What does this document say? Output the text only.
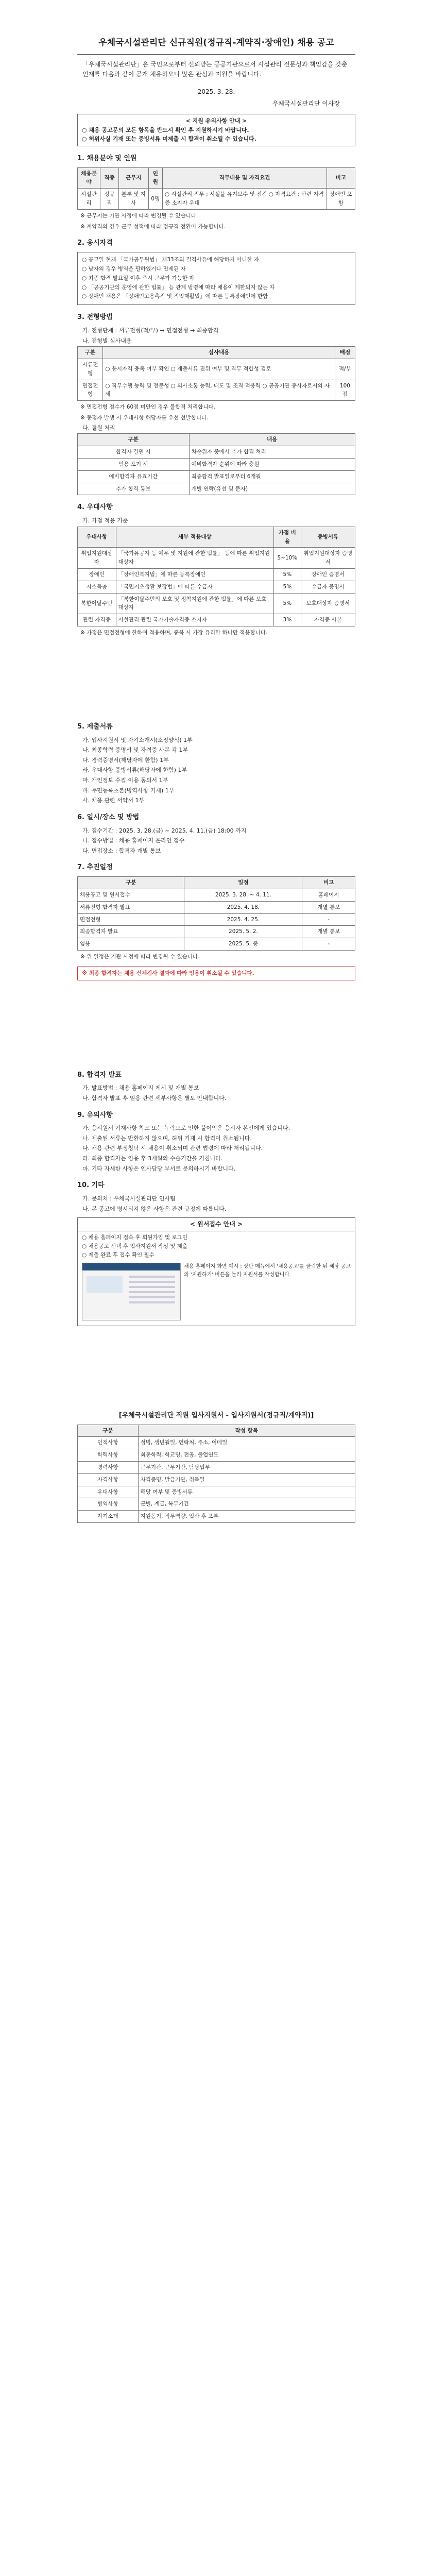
우체국시설관리단 신규직원(정규직-계약직·장애인) 채용 공고
「우체국시설관리단」은 국민으로부터 신뢰받는 공공기관으로서 시설관리 전문성과 책임감을 갖춘 인재를 다음과 같이 공개 채용하오니 많은 관심과 지원을 바랍니다.
2025. 3. 28.
우체국시설관리단 이사장
< 지원 유의사항 안내 >
○ 채용 공고문의 모든 항목을 반드시 확인 후 지원하시기 바랍니다.
○ 허위사실 기재 또는 증빙서류 미제출 시 합격이 취소될 수 있습니다.
1. 채용분야 및 인원
채용분야	직종	근무지	인원	직무내용 및 자격요건	비고
시설관리	정규직	본부 및 지사	0명	○ 시설관리 직무 : 시설물 유지보수 및 점검 ○ 자격요건 : 관련 자격증 소지자 우대	장애인 포함
※ 근무지는 기관 사정에 따라 변경될 수 있습니다.
※ 계약직의 경우 근무 성적에 따라 정규직 전환이 가능합니다.
2. 응시자격
○ 공고일 현재 「국가공무원법」 제33조의 결격사유에 해당하지 아니한 자
○ 남자의 경우 병역을 필하였거나 면제된 자
○ 최종 합격 발표일 이후 즉시 근무가 가능한 자
○ 「공공기관의 운영에 관한 법률」 등 관계 법령에 따라 채용이 제한되지 않는 자
○ 장애인 채용은 「장애인고용촉진 및 직업재활법」에 따른 등록장애인에 한함
3. 전형방법
가. 전형단계 : 서류전형(적/부) → 면접전형 → 최종합격
나. 전형별 심사내용
구분	심사내용	배점
서류전형	○ 응시자격 충족 여부 확인 ○ 제출서류 진위 여부 및 직무 적합성 검토	적/부
면접전형	○ 직무수행 능력 및 전문성 ○ 의사소통 능력, 태도 및 조직 적응력 ○ 공공기관 종사자로서의 자세	100점
※ 면접전형 점수가 60점 미만인 경우 불합격 처리합니다.
※ 동점자 발생 시 우대사항 해당자를 우선 선발합니다.
다. 결원 처리
구분	내용
합격자 결원 시	차순위자 중에서 추가 합격 처리
임용 포기 시	예비합격자 순위에 따라 충원
예비합격자 유효기간	최종합격 발표일로부터 6개월
추가 합격 통보	개별 연락(유선 및 문자)
4. 우대사항
가. 가점 적용 기준
우대사항	세부 적용대상	가점 비율	증빙서류
취업지원대상자	「국가유공자 등 예우 및 지원에 관한 법률」 등에 따른 취업지원대상자	5~10%	취업지원대상자 증명서
장애인	「장애인복지법」에 따른 등록장애인	5%	장애인 증명서
저소득층	「국민기초생활 보장법」에 따른 수급자	5%	수급자 증명서
북한이탈주민	「북한이탈주민의 보호 및 정착지원에 관한 법률」에 따른 보호대상자	5%	보호대상자 증명서
관련 자격증	시설관리 관련 국가기술자격증 소지자	3%	자격증 사본
※ 가점은 면접전형에 한하여 적용하며, 중복 시 가장 유리한 하나만 적용합니다.
5. 제출서류
가. 입사지원서 및 자기소개서(소정양식) 1부
나. 최종학력 증명서 및 자격증 사본 각 1부
다. 경력증명서(해당자에 한함) 1부
라. 우대사항 증빙서류(해당자에 한함) 1부
마. 개인정보 수집·이용 동의서 1부
바. 주민등록초본(병역사항 기재) 1부
사. 채용 관련 서약서 1부
6. 일시/장소 및 방법
가. 접수기간 : 2025. 3. 28.(금) ~ 2025. 4. 11.(금) 18:00 까지
나. 접수방법 : 채용 홈페이지 온라인 접수
다. 면접장소 : 합격자 개별 통보
7. 추진일정
구분	일정	비고
채용공고 및 원서접수	2025. 3. 28. ~ 4. 11.	홈페이지
서류전형 합격자 발표	2025. 4. 18.	개별 통보
면접전형	2025. 4. 25.	-
최종합격자 발표	2025. 5. 2.	개별 통보
임용	2025. 5. 중	-
※ 위 일정은 기관 사정에 따라 변경될 수 있습니다.
※ 최종 합격자는 채용 신체검사 결과에 따라 임용이 취소될 수 있습니다.
8. 합격자 발표
가. 발표방법 : 채용 홈페이지 게시 및 개별 통보
나. 합격자 발표 후 임용 관련 세부사항은 별도 안내합니다.
9. 유의사항
가. 응시원서 기재사항 착오 또는 누락으로 인한 불이익은 응시자 본인에게 있습니다.
나. 제출된 서류는 반환하지 않으며, 허위 기재 시 합격이 취소됩니다.
다. 채용 관련 부정청탁 시 채용이 취소되며 관련 법령에 따라 처리됩니다.
라. 최종 합격자는 임용 후 3개월의 수습기간을 거칩니다.
마. 기타 자세한 사항은 인사담당 부서로 문의하시기 바랍니다.
10. 기타
가. 문의처 : 우체국시설관리단 인사팀
나. 본 공고에 명시되지 않은 사항은 관련 규정에 따릅니다.
< 원서접수 안내 >
○ 채용 홈페이지 접속 후 회원가입 및 로그인
○ 채용공고 선택 후 입사지원서 작성 및 제출
○ 제출 완료 후 접수 확인 필수
채용 홈페이지 화면 예시 : 상단 메뉴에서 '채용공고'를 클릭한 뒤 해당 공고의 '지원하기' 버튼을 눌러 지원서를 작성합니다.
[우체국시설관리단 직원 입사지원서 - 입사지원서(정규직/계약직)]
구분	작성 항목
인적사항	성명, 생년월일, 연락처, 주소, 이메일
학력사항	최종학력, 학교명, 전공, 졸업연도
경력사항	근무기관, 근무기간, 담당업무
자격사항	자격증명, 발급기관, 취득일
우대사항	해당 여부 및 증빙서류
병역사항	군별, 계급, 복무기간
자기소개	지원동기, 직무역량, 입사 후 포부
